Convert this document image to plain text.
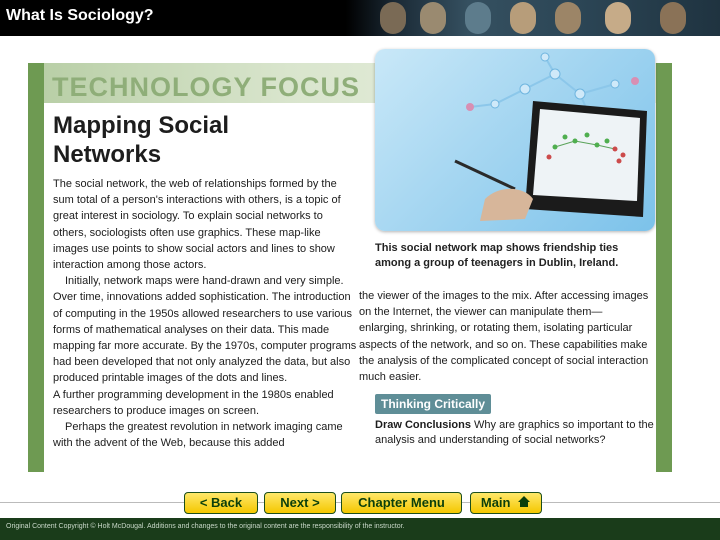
What Is Sociology?
TECHNOLOGY FOCUS
Mapping Social
Networks

The social network, the web of relationships formed by the sum total of a person's interactions with others, is a topic of great interest in sociology. To explain social networks to others, sociologists often use graphics. These map-like images use points to show social actors and lines to show interaction among those actors.

Initially, network maps were hand-drawn and very simple. Over time, innovations added sophistication. The introduction of computing in the 1950s allowed researchers to use various forms of mathematical analyses on their data. This made mapping far more accurate. By the 1970s, computer programs had been developed that not only analyzed the data, but also produced printable images of the dots and lines.

A further programming development in the 1980s enabled researchers to produce images on screen.

Perhaps the greatest revolution in network imaging came with the advent of the Web, because this added

This social network map shows friendship ties among a group of teenagers in Dublin, Ireland.

the viewer of the images to the mix. After accessing images on the Internet, the viewer can manipulate them—enlarging, shrinking, or rotating them, isolating particular aspects of the network, and so on. These capabilities make the analysis of the complicated concept of social interaction much easier.

Thinking Critically
Draw Conclusions Why are graphics so important to the analysis and understanding of social networks?
< Back	Next >	Chapter Menu	Main
Original Content Copyright © Holt McDougal. Additions and changes to the original content are the responsibility of the instructor.
